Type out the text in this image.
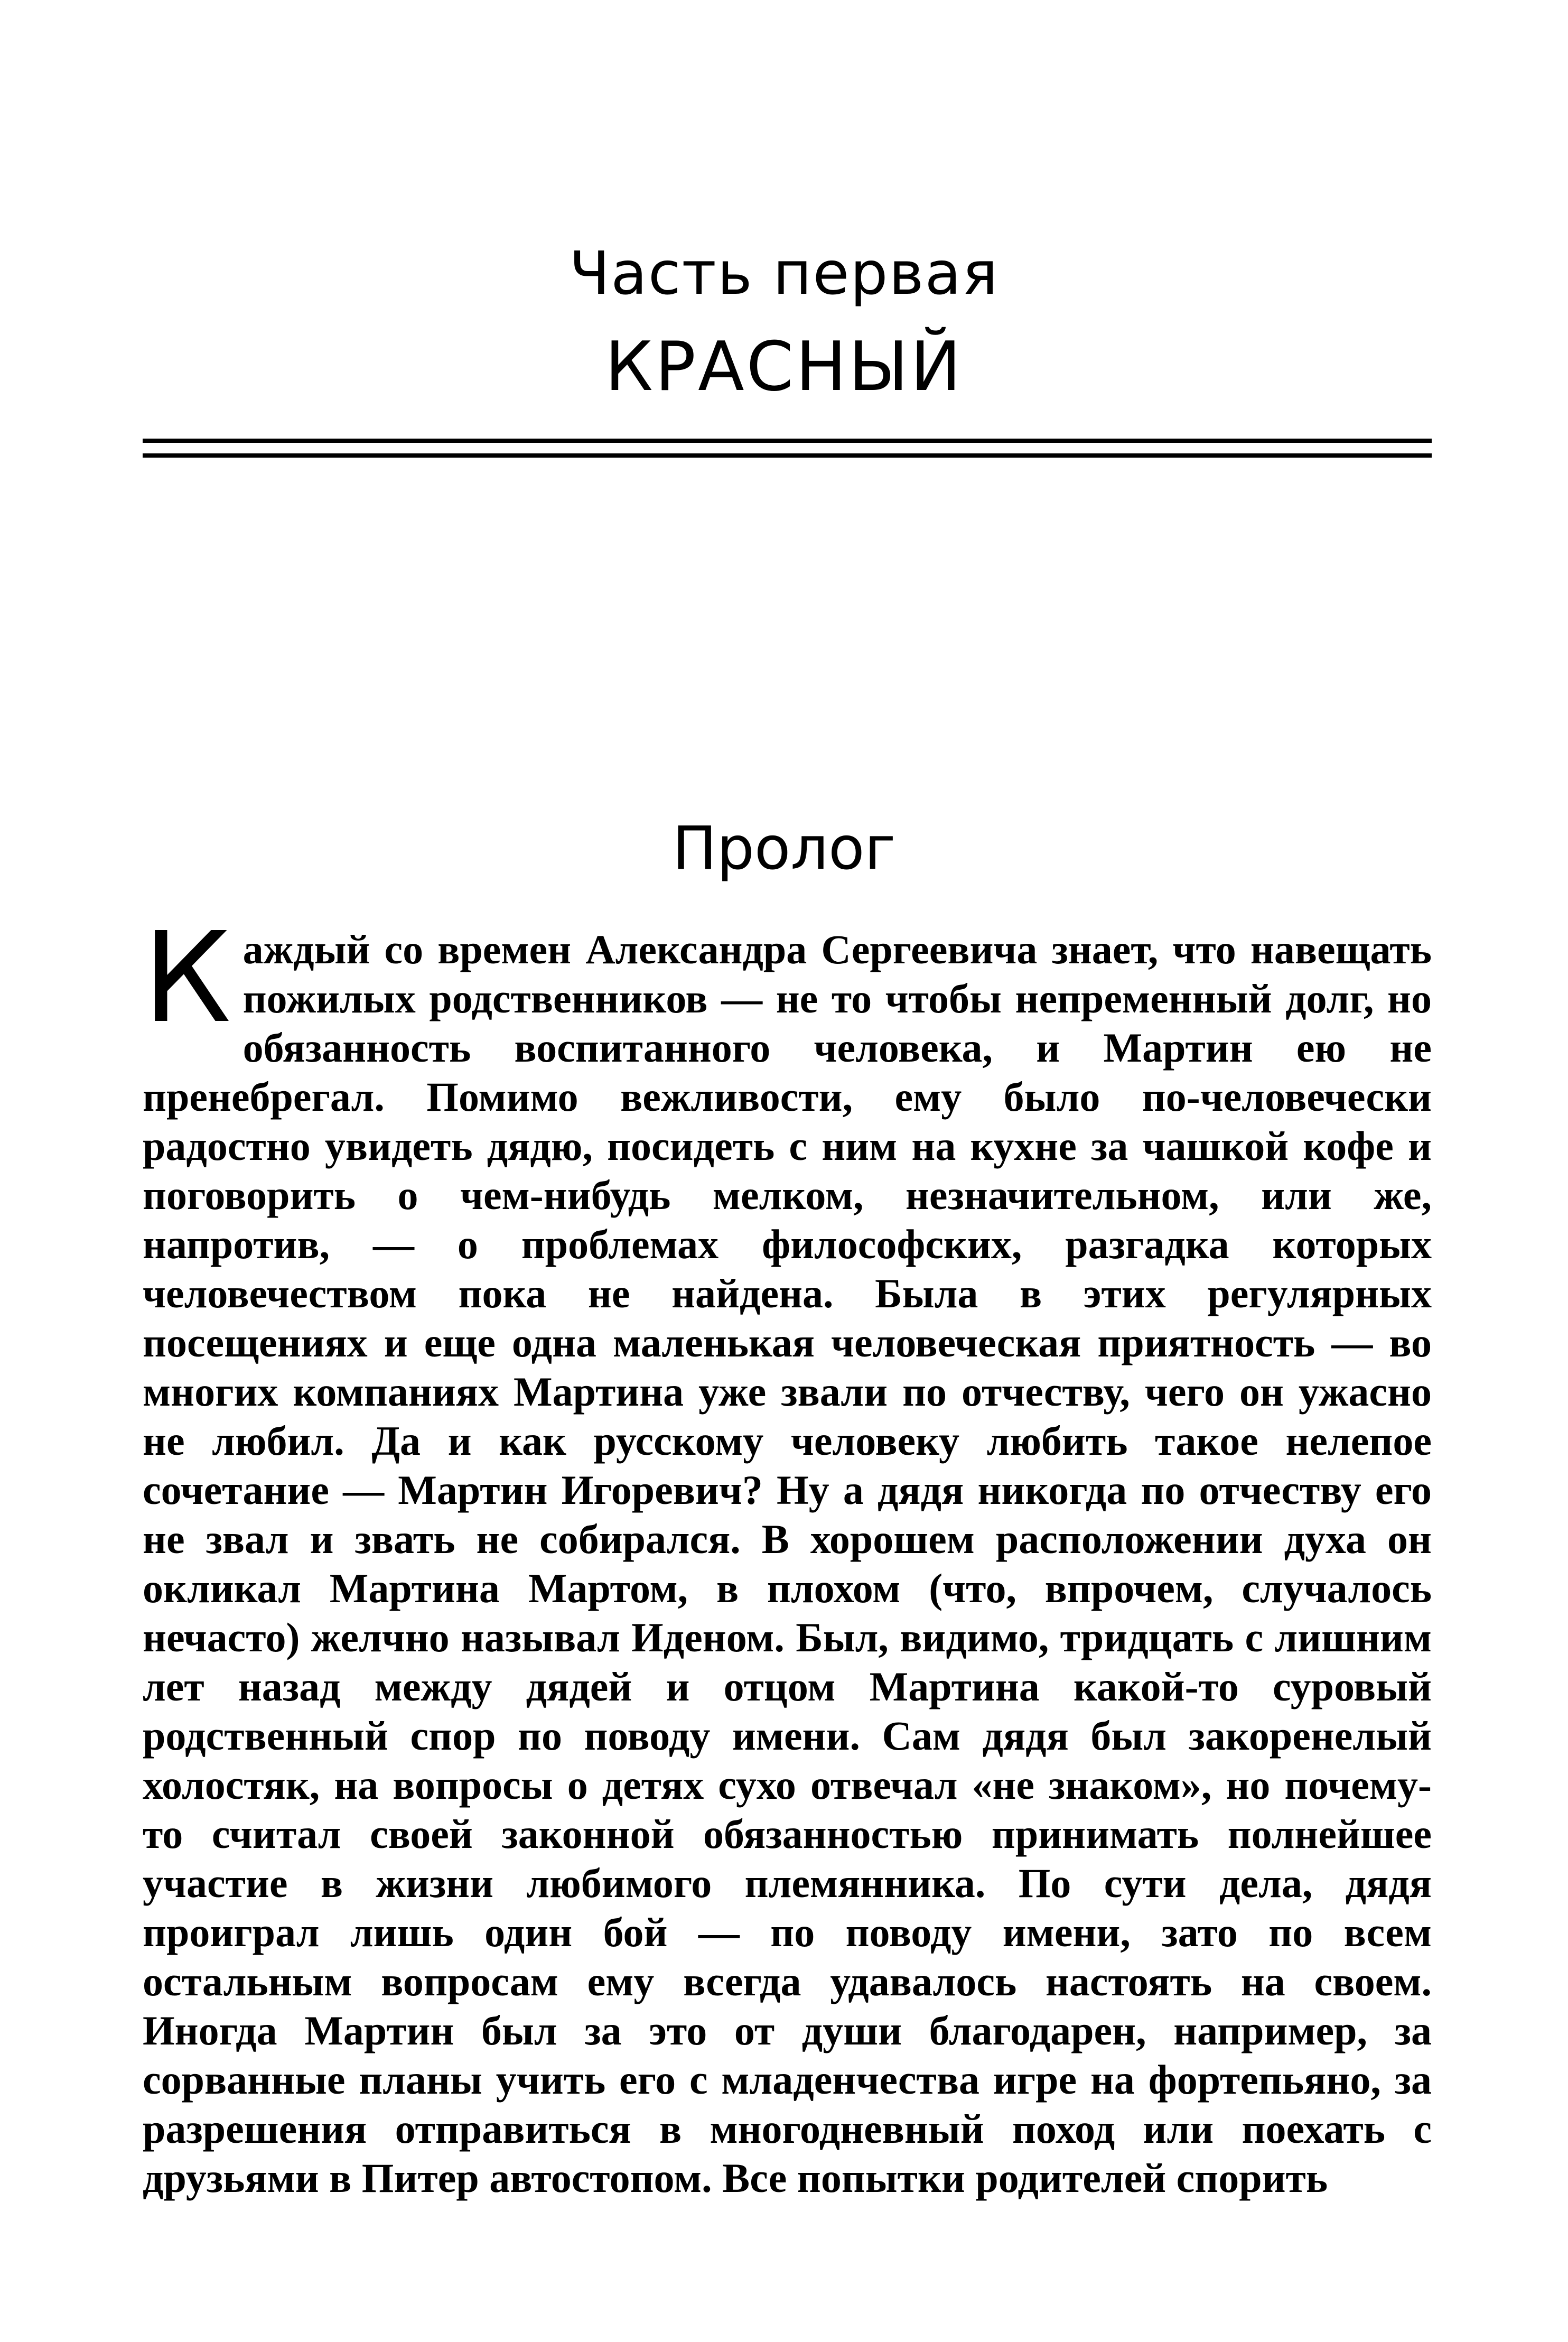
Часть первая
КРАСНЫЙ
Пролог

Каждый со времен Александра Сергеевича знает, что навещать пожилых родственников — не то чтобы непременный долг, но обязанность воспитанного человека, и Мартин ею не пренебрегал. Помимо вежливости, ему было по-человечески радостно увидеть дядю, посидеть с ним на кухне за чашкой кофе и поговорить о чем-нибудь мелком, незначительном, или же, напротив, — о проблемах философских, разгадка которых человечеством пока не найдена. Была в этих регулярных посещениях и еще одна маленькая человеческая приятность — во многих компаниях Мартина уже звали по отчеству, чего он ужасно не любил. Да и как русскому человеку любить такое нелепое сочетание — Мартин Игоревич? Ну а дядя никогда по отчеству его не звал и звать не собирался. В хорошем расположении духа он окликал Мартина Мартом, в плохом (что, впрочем, случалось нечасто) желчно называл Иденом. Был, видимо, тридцать с лишним лет назад между дядей и отцом Мартина какой-то суровый родственный спор по поводу имени. Сам дядя был закоренелый холостяк, на вопросы о детях сухо отвечал «не знаком», но почему-то считал своей законной обязанностью принимать полнейшее участие в жизни любимого племянника. По сути дела, дядя проиграл лишь один бой — по поводу имени, зато по всем остальным вопросам ему всегда удавалось настоять на своем. Иногда Мартин был за это от души благодарен, например, за сорванные планы учить его с младенчества игре на фортепьяно, за разрешения отправиться в многодневный поход или поехать с друзьями в Питер автостопом. Все попытки родителей спорить
